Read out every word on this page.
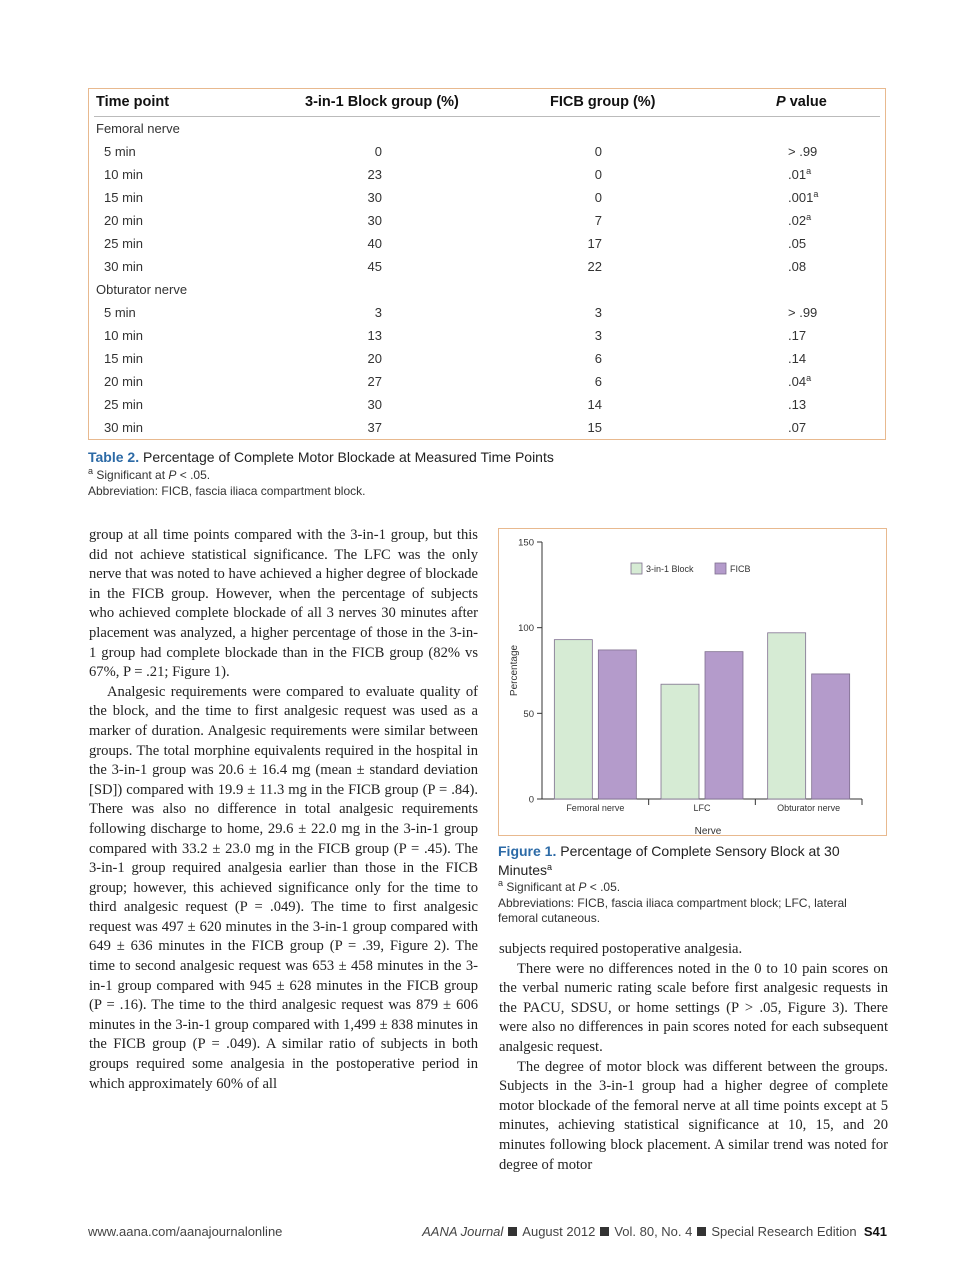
Time point	3-in-1 Block group (%)	FICB group (%)	P value
Femoral nerve
5 min	0	0	> .99
10 min	23	0	.01$^a$
15 min	30	0	.001$^a$
20 min	30	7	.02$^a$
25 min	40	17	.05
30 min	45	22	.08
Obturator nerve
5 min	3	3	> .99
10 min	13	3	.17
15 min	20	6	.14
20 min	27	6	.04$^a$
25 min	30	14	.13
30 min	37	15	.07
Table 2. Percentage of Complete Motor Blockade at Measured Time Points
$^a$ Significant at P < .05.
Abbreviation: FICB, fascia iliaca compartment block.

group at all time points compared with the 3-in-1 group, but this did not achieve statistical significance. The LFC was the only nerve that was noted to have achieved a higher degree of blockade in the FICB group. However, when the percentage of subjects who achieved complete blockade of all 3 nerves 30 minutes after placement was analyzed, a higher percentage of those in the 3-in-1 group had complete blockade than in the FICB group (82% vs 67%, P = .21; Figure 1).

Analgesic requirements were compared to evaluate quality of the block, and the time to first analgesic request was used as a marker of duration. Analgesic requirements were similar between groups. The total morphine equivalents required in the hospital in the 3-in-1 group was 20.6 ± 16.4 mg (mean ± standard deviation [SD]) compared with 19.9 ± 11.3 mg in the FICB group (P = .84). There was also no difference in total analgesic requirements following discharge to home, 29.6 ± 22.0 mg in the 3-in-1 group compared with 33.2 ± 23.0 mg in the FICB group (P = .45). The 3-in-1 group required analgesia earlier than those in the FICB group; however, this achieved significance only for the time to third analgesic request (P = .049). The time to first analgesic request was 497 ± 620 minutes in the 3-in-1 group compared with 649 ± 636 minutes in the FICB group (P = .39, Figure 2). The time to second analgesic request was 653 ± 458 minutes in the 3-in-1 group compared with 945 ± 628 minutes in the FICB group (P = .16). The time to the third analgesic request was 879 ± 606 minutes in the 3-in-1 group compared with 1,499 ± 838 minutes in the FICB group (P = .049). A similar ratio of subjects in both groups required some analgesia in the postoperative period in which approximately 60% of all

0
50
100
150
Percentage
Femoral nerve	LFC	Obturator nerve
Nerve
3-in-1 Block	FICB
Figure 1. Percentage of Complete Sensory Block at 30 Minutes$^a$
$^a$ Significant at P < .05.
Abbreviations: FICB, fascia iliaca compartment block; LFC, lateral femoral cutaneous.

subjects required postoperative analgesia.

There were no differences noted in the 0 to 10 pain scores on the verbal numeric rating scale before first analgesic requests in the PACU, SDSU, or home settings (P > .05, Figure 3). There were also no differences in pain scores noted for each subsequent analgesic request.

The degree of motor block was different between the groups. Subjects in the 3-in-1 group had a higher degree of complete motor blockade of the femoral nerve at all time points except at 5 minutes, achieving statistical significance at 10, 15, and 20 minutes following block placement. A similar trend was noted for degree of motor

www.aana.com/aanajournalonline	AANA Journal August 2012 Vol. 80, No. 4 Special Research Edition S41
